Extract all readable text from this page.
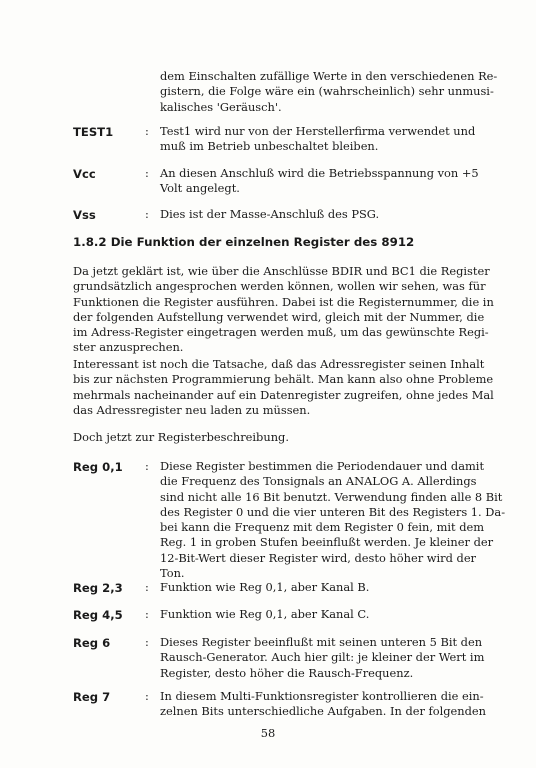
dem Einschalten zufällige Werte in den verschiedenen Re-
gistern, die Folge wäre ein (wahrscheinlich) sehr unmusi-
kalisches 'Geräusch'.
TEST1	: Test1 wird nur von der Herstellerfirma verwendet und
muß im Betrieb unbeschaltet bleiben.
Vcc	: An diesen Anschluß wird die Betriebsspannung von +5
Volt angelegt.
Vss	: Dies ist der Masse-Anschluß des PSG.
1.8.2 Die Funktion der einzelnen Register des 8912
Da jetzt geklärt ist, wie über die Anschlüsse BDIR und BC1 die Register
grundsätzlich angesprochen werden können, wollen wir sehen, was für
Funktionen die Register ausführen. Dabei ist die Registernummer, die in
der folgenden Aufstellung verwendet wird, gleich mit der Nummer, die
im Adress-Register eingetragen werden muß, um das gewünschte Regi-
ster anzusprechen.
Interessant ist noch die Tatsache, daß das Adressregister seinen Inhalt
bis zur nächsten Programmierung behält. Man kann also ohne Probleme
mehrmals nacheinander auf ein Datenregister zugreifen, ohne jedes Mal
das Adressregister neu laden zu müssen.
Doch jetzt zur Registerbeschreibung.
Reg 0,1 : Diese Register bestimmen die Periodendauer und damit
die Frequenz des Tonsignals an ANALOG A. Allerdings
sind nicht alle 16 Bit benutzt. Verwendung finden alle 8 Bit
des Register 0 und die vier unteren Bit des Registers 1. Da-
bei kann die Frequenz mit dem Register 0 fein, mit dem
Reg. 1 in groben Stufen beeinflußt werden. Je kleiner der
12-Bit-Wert dieser Register wird, desto höher wird der
Ton.
Reg 2,3 : Funktion wie Reg 0,1, aber Kanal B.
Reg 4,5 : Funktion wie Reg 0,1, aber Kanal C.
Reg 6	: Dieses Register beeinflußt mit seinen unteren 5 Bit den
Rausch-Generator. Auch hier gilt: je kleiner der Wert im
Register, desto höher die Rausch-Frequenz.
Reg 7	: In diesem Multi-Funktionsregister kontrollieren die ein-
zelnen Bits unterschiedliche Aufgaben. In der folgenden
58
